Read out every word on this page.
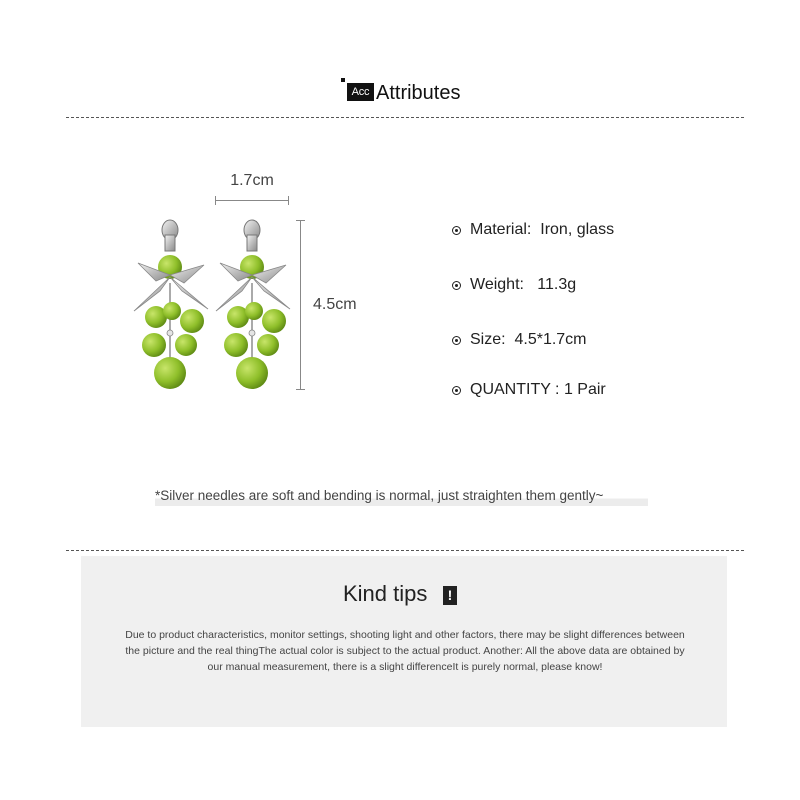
Acc Attributes
1.7cm
4.5cm
Material: Iron, glass
Weight: 11.3g
Size: 4.5*1.7cm
QUANTITY : 1 Pair
*Silver needles are soft and bending is normal, just straighten them gently~
Kind tips	!
Due to product characteristics, monitor settings, shooting light and other factors, there may be slight differences between the picture and the real thingThe actual color is subject to the actual product. Another: All the above data are obtained by our manual measurement, there is a slight differenceIt is purely normal, please know!
